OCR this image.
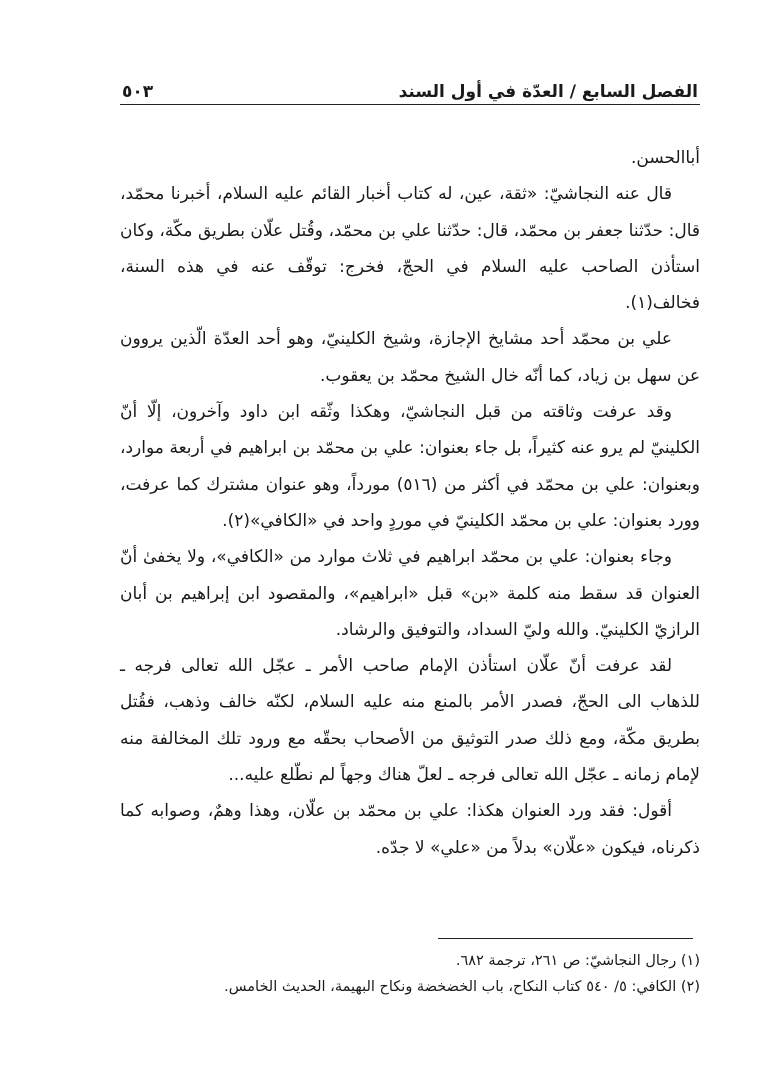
الفصل السابع / العدّة في أول السند
٥٠٣

أباالحسن.

قال عنه النجاشيّ: «ثقة، عين، له كتاب أخبار القائم عليه السلام، أخبرنا محمّد، قال: حدّثنا جعفر بن محمّد، قال: حدّثنا علي بن محمّد، وقُتل علّان بطريق مكّة، وكان استأذن الصاحب عليه السلام في الحجّ، فخرج: توقّف عنه في هذه السنة، فخالف(١).

علي بن محمّد أحد مشايخ الإجازة، وشيخ الكلينيّ، وهو أحد العدّة الّذين يروون عن سهل بن زياد، كما أنّه خال الشيخ محمّد بن يعقوب.

وقد عرفت وثاقته من قبل النجاشيّ، وهكذا وثّقه ابن داود وآخرون، إلّا أنّ الكلينيّ لم يرو عنه كثيراً، بل جاء بعنوان: علي بن محمّد بن ابراهيم في أربعة موارد، وبعنوان: علي بن محمّد في أكثر من (٥١٦) مورداً، وهو عنوان مشترك كما عرفت، وورد بعنوان: علي بن محمّد الكلينيّ في موردٍ واحد في «الكافي»(٢).

وجاء بعنوان: علي بن محمّد ابراهيم في ثلاث موارد من «الكافي»، ولا يخفىٰ أنّ العنوان قد سقط منه كلمة «بن» قبل «ابراهيم»، والمقصود ابن إبراهيم بن أبان الرازيّ الكلينيّ. والله وليّ السداد، والتوفيق والرشاد.

لقد عرفت أنّ علّان استأذن الإمام صاحب الأمر ـ عجّل الله تعالى فرجه ـ للذهاب الى الحجّ، فصدر الأمر بالمنع منه عليه السلام، لكنّه خالف وذهب، فقُتل بطريق مكّة، ومع ذلك صدر التوثيق من الأصحاب بحقّه مع ورود تلك المخالفة منه لإمام زمانه ـ عجّل الله تعالى فرجه ـ لعلّ هناك وجهاً لم نطّلع عليه...

أقول: فقد ورد العنوان هكذا: علي بن محمّد بن علّان، وهذا وهمٌ، وصوابه كما ذكرناه، فيكون «علّان» بدلاً من «علي» لا جدّه.

(١) رجال النجاشيّ: ص ٢٦١، ترجمة ٦٨٢.

(٢) الكافي: ٥/ ٥٤٠ كتاب النكاح، باب الخضخضة ونكاح البهيمة، الحديث الخامس.
